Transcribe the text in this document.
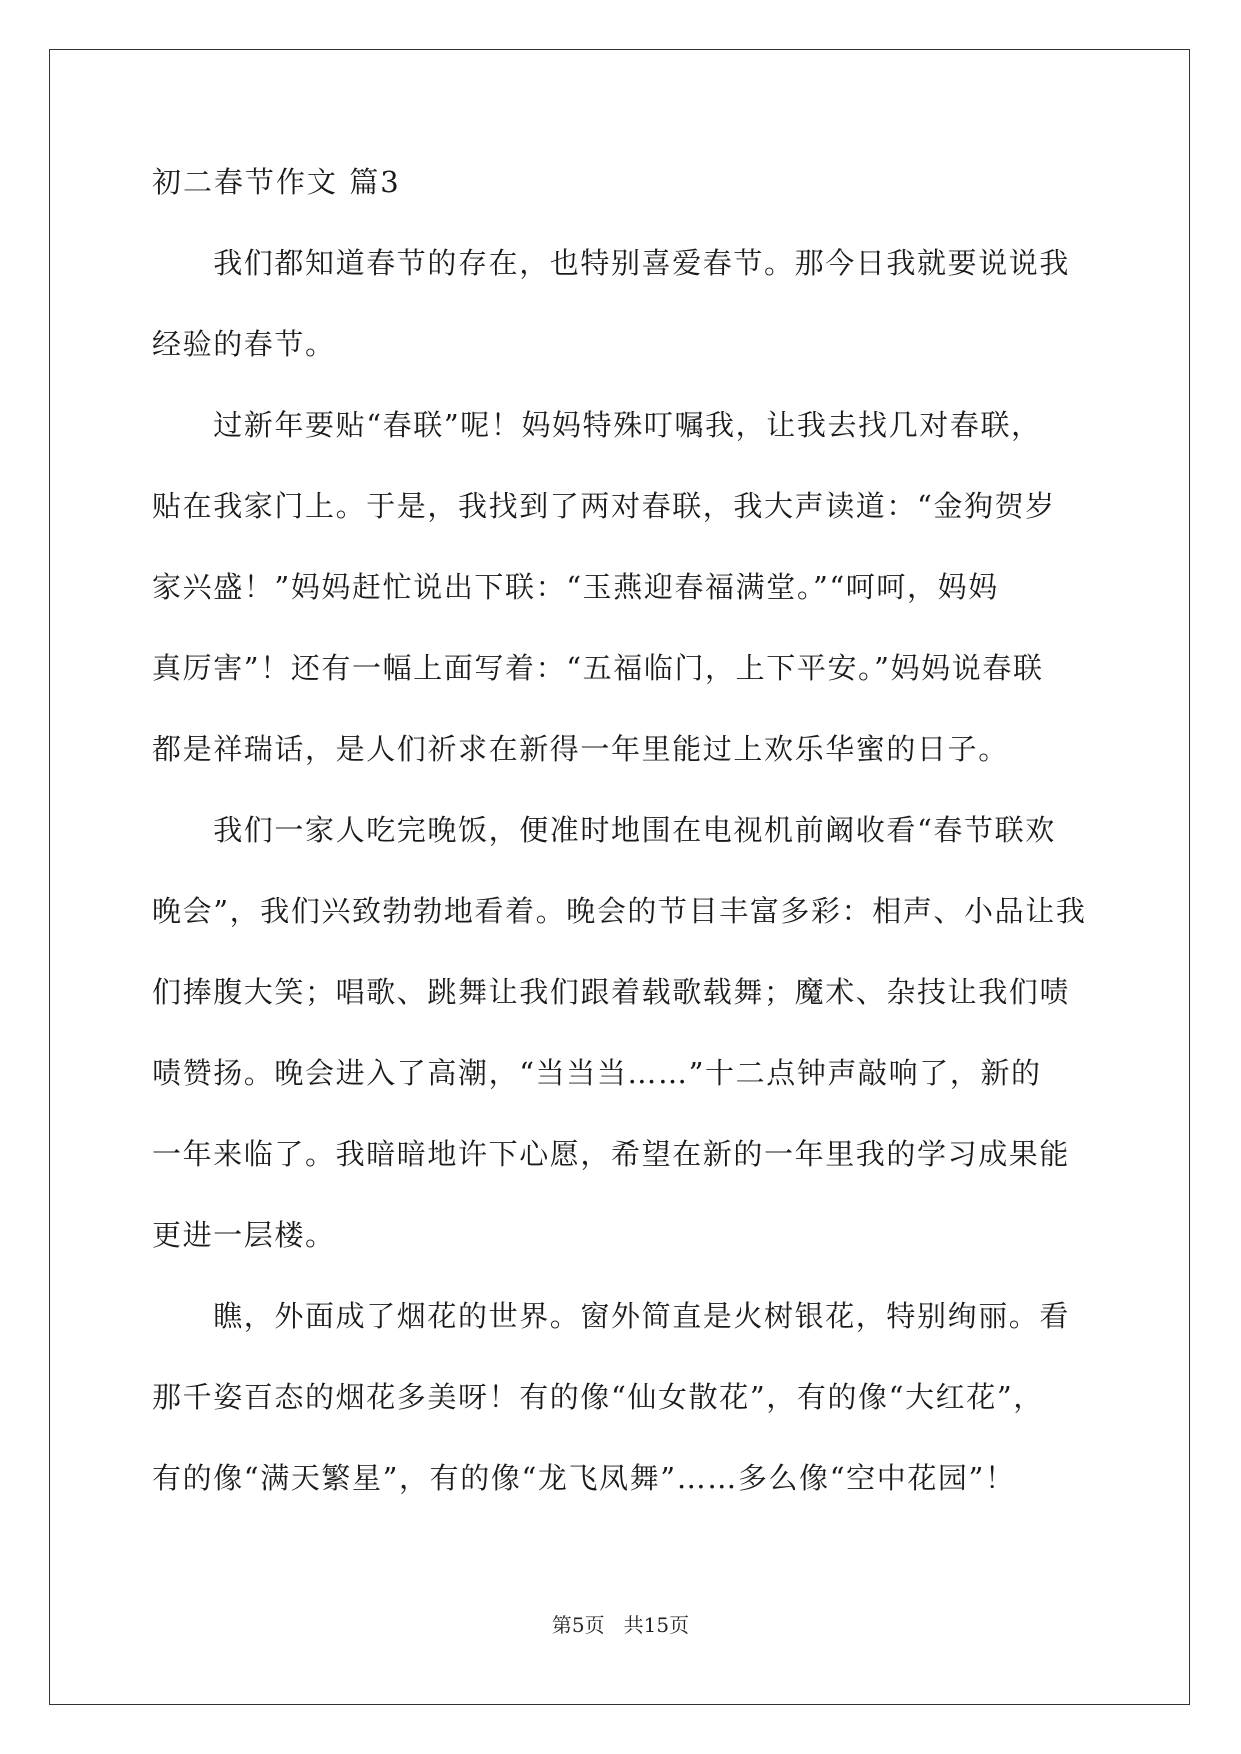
初二春节作文 篇3
　　我们都知道春节的存在，也特别喜爱春节。那今日我就要说说我
经验的春节。
　　过新年要贴“春联”呢！妈妈特殊叮嘱我，让我去找几对春联，
贴在我家门上。于是，我找到了两对春联，我大声读道：“金狗贺岁
家兴盛！”妈妈赶忙说出下联：“玉燕迎春福满堂。”“呵呵，妈妈
真厉害”！还有一幅上面写着：“五福临门，上下平安。”妈妈说春联
都是祥瑞话，是人们祈求在新得一年里能过上欢乐华蜜的日子。
　　我们一家人吃完晚饭，便准时地围在电视机前阚收看“春节联欢
晚会”，我们兴致勃勃地看着。晚会的节目丰富多彩：相声、小品让我
们捧腹大笑；唱歌、跳舞让我们跟着载歌载舞；魔术、杂技让我们啧
啧赞扬。晚会进入了高潮，“当当当……”十二点钟声敲响了，新的
一年来临了。我暗暗地许下心愿，希望在新的一年里我的学习成果能
更进一层楼。
　　瞧，外面成了烟花的世界。窗外简直是火树银花，特别绚丽。看
那千姿百态的烟花多美呀！有的像“仙女散花”，有的像“大红花”，
有的像“满天繁星”，有的像“龙飞凤舞”……多么像“空中花园”！
第5页 共15页
